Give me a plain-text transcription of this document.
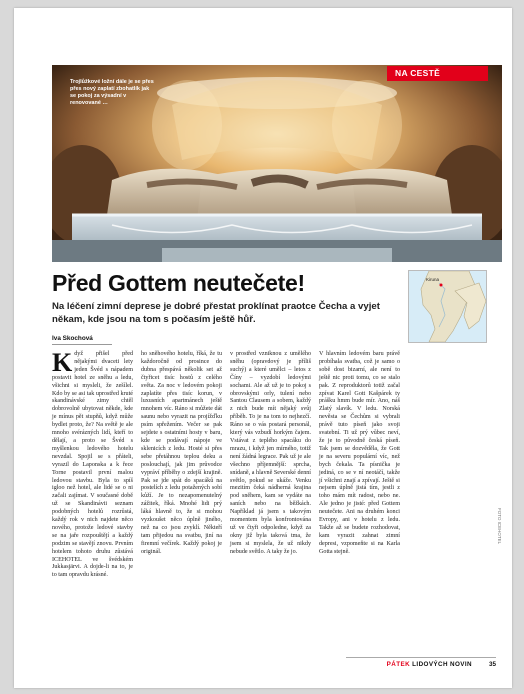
Trojlůžkové ložní dále je se přes přes nový zaplatí zbohatlík jak se pokoj za výsadní v renovované …
NA CESTĚ
Před Gottem neutečete!
Na léčení zimní deprese je dobré přestat proklínat praotce Čecha a vyjet někam, kde jsou na tom s počasím ještě hůř.
Iva Skochová
Kiruna

Když přišel před nějakými dvaceti lety jeden Švéd s nápadem postavit hotel ze sněhu a ledu, všichni si mysleli, že zešílel. Kdo by se asi tak uprostřed kruté skandinávské zimy chtěl dobrovolně ubytovat někde, kde je mínus pět stupňů, když může bydlet proto, že? Na světě je ale mnoho svérázných lidí, kteří to dělají, a proto se Švéd s myšlenkou ledového hotelu nevzdal. Spojil se s přáteli, vyrazil do Laponska a k řece Torne postavil první malou ledovou stavbu. Byla to spíš igloo než hotel, ale lidé se o ni začali zajímat. V současné době už se Skandinávii seznam podobných hotelů rozrůstá, každý rok v nich najdete něco nového, protože ledové stavby se na jaře rozpouštějí a každý podzim se stavějí znovu. Prvním hotelem tohoto druhu zůstává ICEHOTEL ve švédském Jukkasjärvi. A dojde-li na to, je to tam opravdu krásné.

ho sněhového hotelu, říká, že tu každoročně od prosince do dubna přespává několik set až čtyřicet tisíc hostů z celého světa. Za noc v ledovém pokoji zaplatíte přes tisíc korun, v luxusních apartmánech ještě mnohem víc. Ráno si můžete dát saunu nebo vyrazit na projížďku psím spřežením. Večer se pak sejdete s ostatními hosty v baru, kde se podávají nápoje ve sklenicích z ledu. Hosté si přes sebe přetáhnou teplou deku a poslouchají, jak jim průvodce vypráví příběhy o zdejší krajině. Pak se jde spát do spacáků na postelích z ledu potažených sobí kůží. Je to nezapomenutelný zážitek, říká. Mnohé lidi prý láká hlavně to, že si mohou vyzkoušet něco úplně jiného, než na co jsou zvyklí. Někteří tam přijedou na svatbu, jiní na firemní večírek. Každý pokoj je originál.

v prostřed vzniknou z umělého sněhu (opravdový je příliš suchý) a které umělci – letos z Číny – vyzdobí ledovými sochami. Ale až už je to pokoj s obrovskými orly, tulení nebo Santou Clausem a sobem, každý z nich bude mít nějaký svůj příběh. To je na tom to nejhezčí. Ráno se o vás postará personál, který vás vzbudí horkým čajem. Vstávat z teplého spacáku do mrazu, i když jen mírného, totiž není žádná legrace. Pak už je ale všechno příjemnější: sprcha, snídaně, a hlavně Severské denní světlo, pokud se ukáže. Venku mezitím čeká nádherná krajina pod sněhem, kam se vydáte na saních nebo na běžkách. Například já jsem s takovým momentem byla konfrontována už ve čtyři odpoledne, když za okny již byla taková tma, že jsem si myslela, že už nikdy nebude světlo. A taky že jo.

V hlavním ledovém baru právě probíhala svatba, což je samo o sobě dost bizarní, ale není to ještě nic proti tomu, co se stalo pak. Z reproduktorů totiž začal zpívat Karel Gott Kašpárek ty prášku hmm bude mír. Ano, náš Zlatý slavík. V ledu. Norská nevěsta se Čechům si vybrali právě tuto píseň jako svoji svatební. Ti už prý vůbec neví, že je to původně česká píseň. Tak jsem se dozvěděla, že Gott je na severu populární víc, než bych čekala. Ta písnička je jediná, co se v ní neotáčí, takže jí všichni znají a zpívají. Ještě si nejsem úplně jistá tím, jestli z toho mám mít radost, nebo ne. Ale jedno je jisté: před Gottem neutečete. Ani na druhém konci Evropy, ani v hotelu z ledu. Takže až se budete rozhodovat, kam vyrazit zahnat zimní depresi, vzpomeňte si na Karla Gotta stejně.

FOTO ICEHOTEL
PÁTEK LIDOVÝCH NOVIN	35
